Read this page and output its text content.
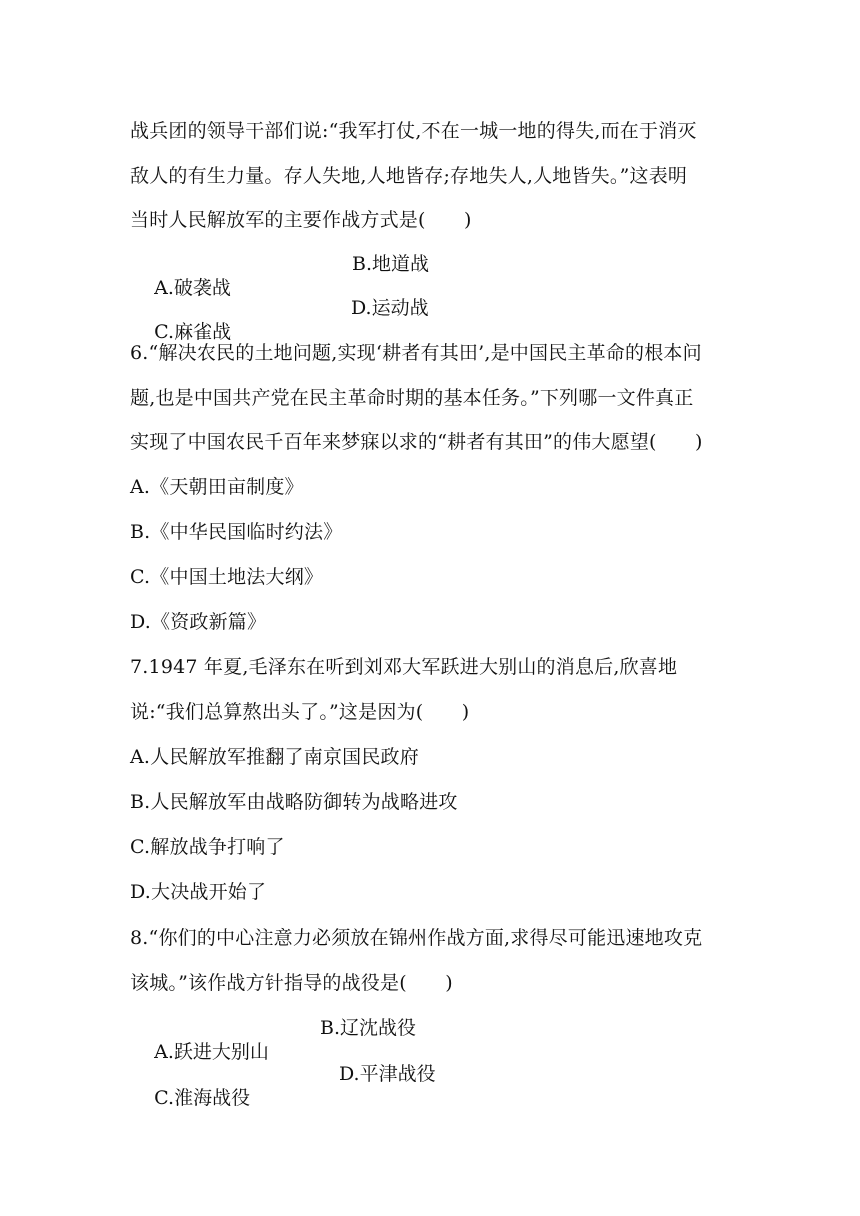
战兵团的领导干部们说:“我军打仗,不在一城一地的得失,而在于消灭
敌人的有生力量。存人失地,人地皆存;存地失人,人地皆失。”这表明
当时人民解放军的主要作战方式是(　　)

A.破袭战

B.地道战

C.麻雀战

D.运动战

6.“解决农民的土地问题,实现‘耕者有其田’,是中国民主革命的根本问
题,也是中国共产党在民主革命时期的基本任务。”下列哪一文件真正
实现了中国农民千百年来梦寐以求的“耕者有其田”的伟大愿望(　　)
A.《天朝田亩制度》
B.《中华民国临时约法》
C.《中国土地法大纲》
D.《资政新篇》
7.1947 年夏,毛泽东在听到刘邓大军跃进大别山的消息后,欣喜地
说:“我们总算熬出头了。”这是因为(　　)
A.人民解放军推翻了南京国民政府
B.人民解放军由战略防御转为战略进攻
C.解放战争打响了
D.大决战开始了
8.“你们的中心注意力必须放在锦州作战方面,求得尽可能迅速地攻克
该城。”该作战方针指导的战役是(　　)

A.跃进大别山

B.辽沈战役

C.淮海战役

D.平津战役
